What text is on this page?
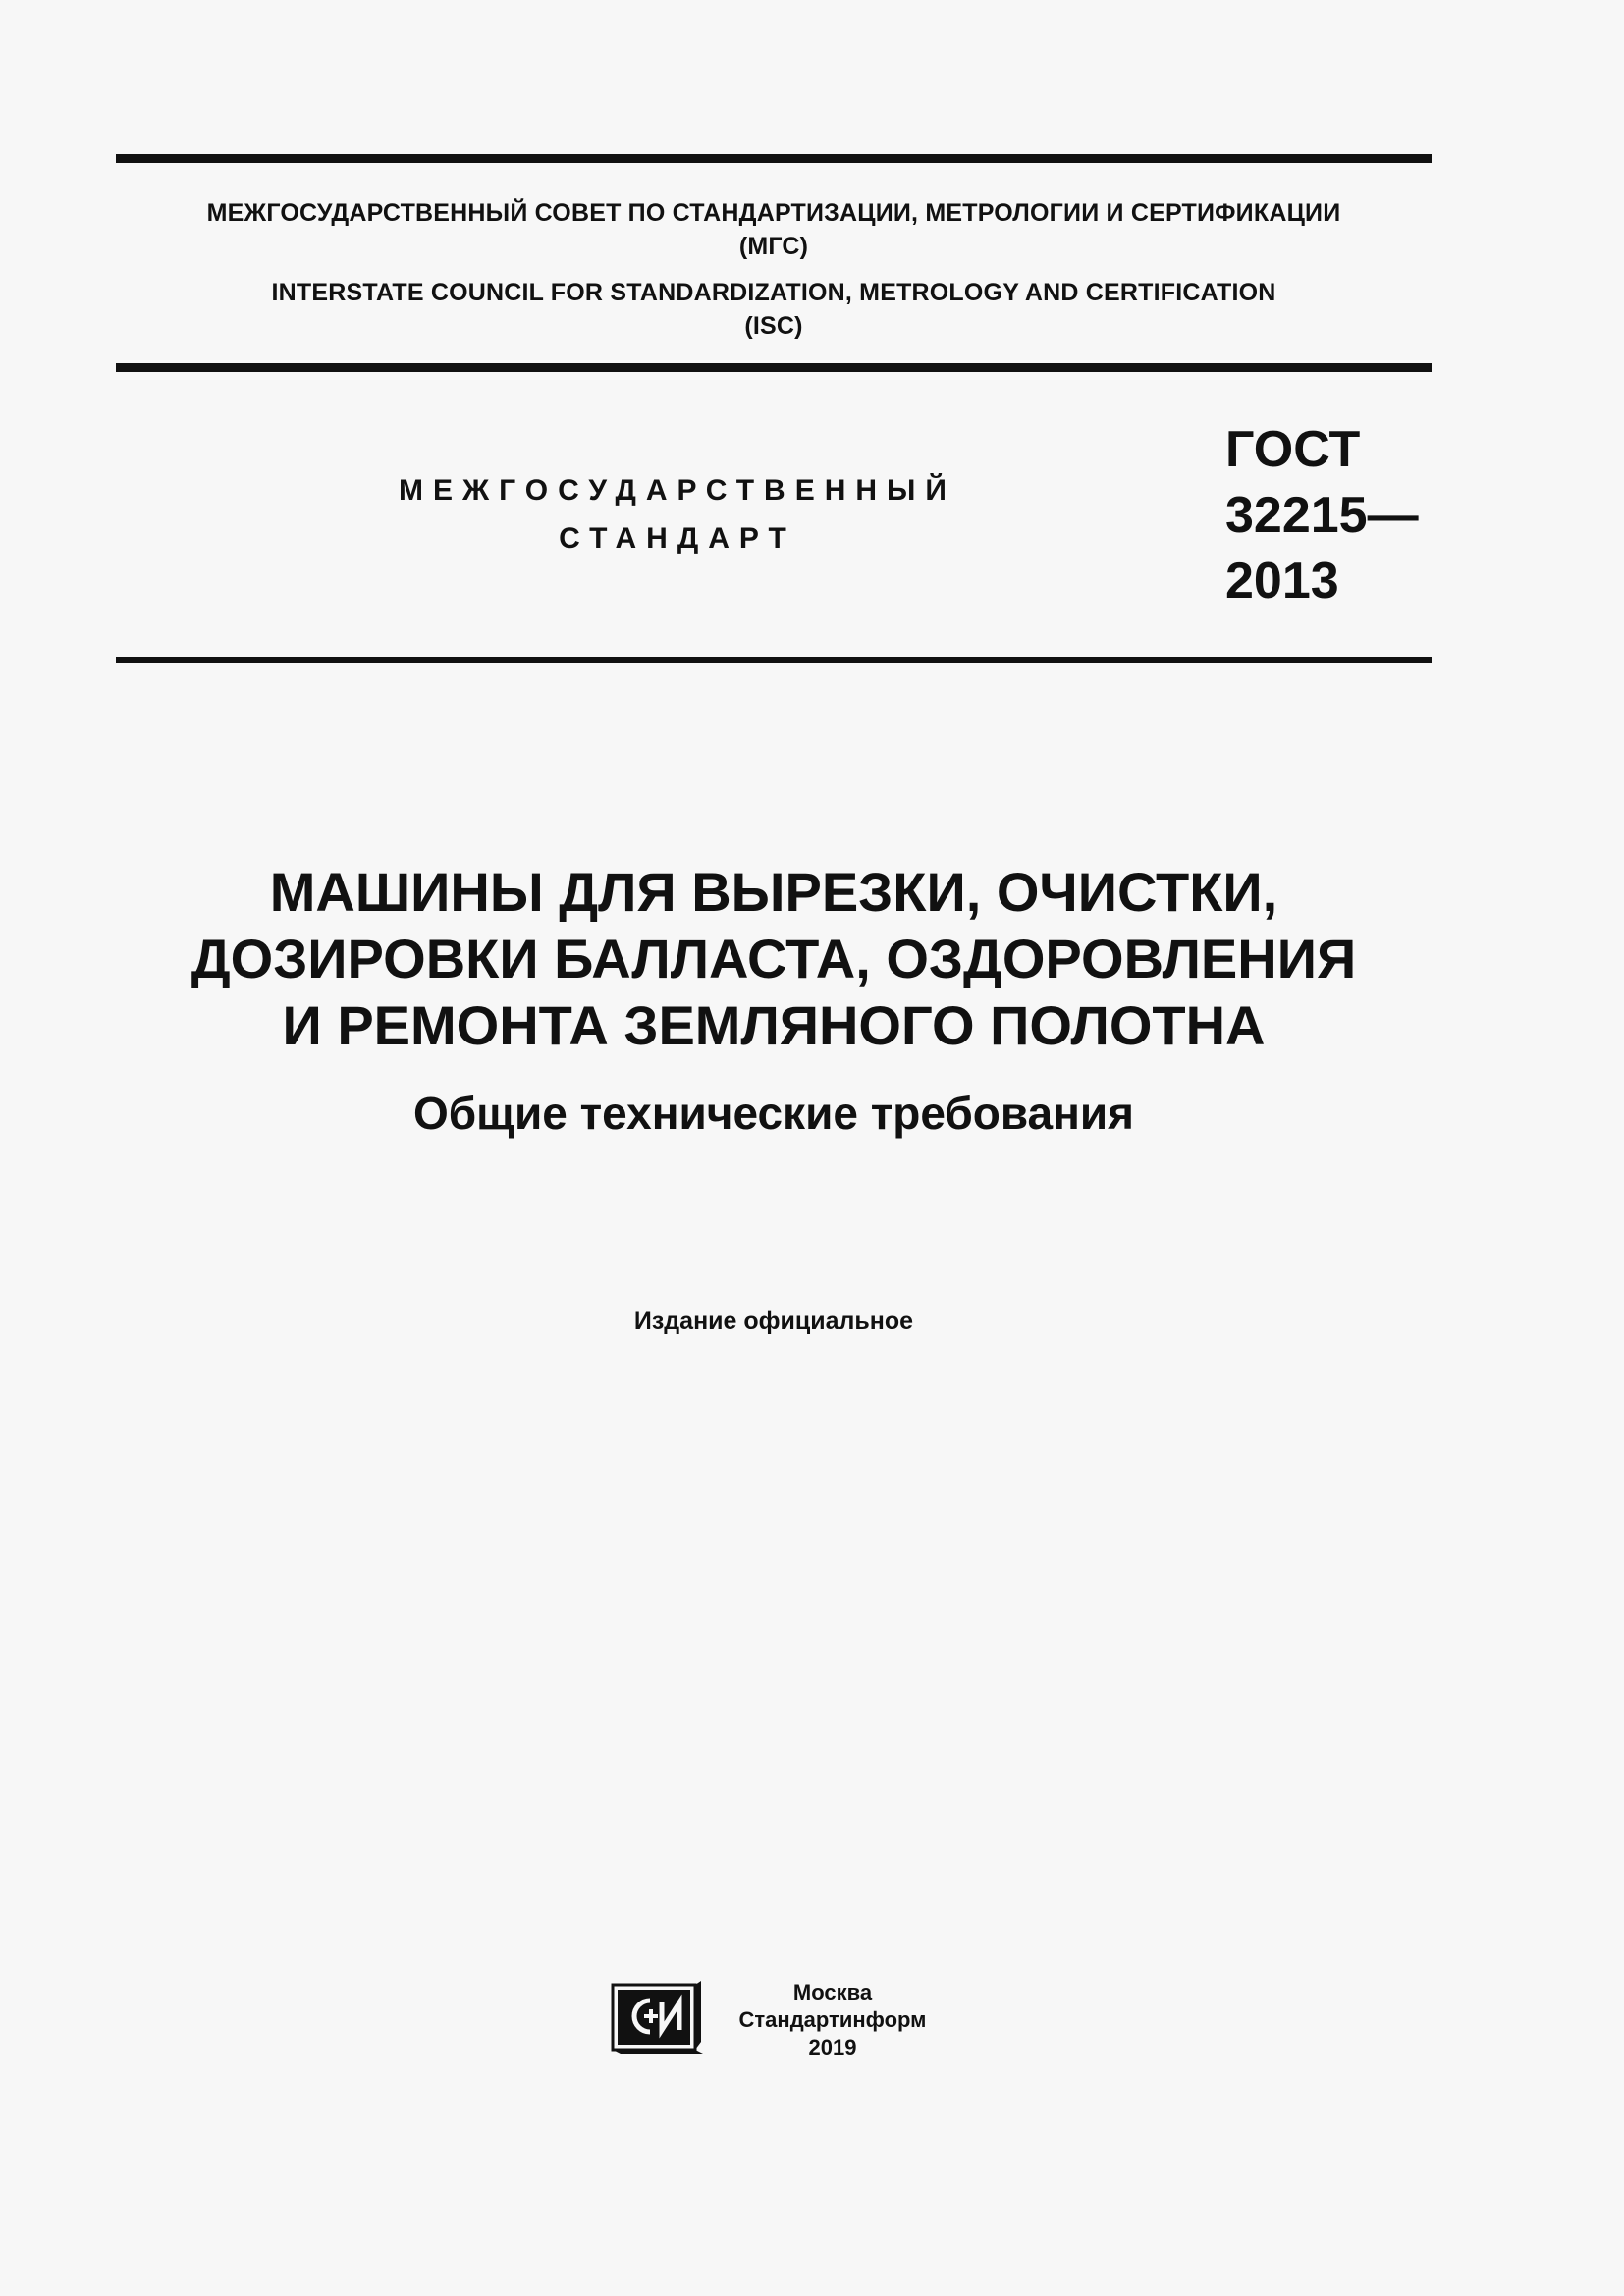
МЕЖГОСУДАРСТВЕННЫЙ СОВЕТ ПО СТАНДАРТИЗАЦИИ, МЕТРОЛОГИИ И СЕРТИФИКАЦИИ
(МГС)
INTERSTATE COUNCIL FOR STANDARDIZATION, METROLOGY AND CERTIFICATION
(ISC)
МЕЖГОСУДАРСТВЕННЫЙ
СТАНДАРТ
ГОСТ
32215—
2013
МАШИНЫ ДЛЯ ВЫРЕЗКИ, ОЧИСТКИ,
ДОЗИРОВКИ БАЛЛАСТА, ОЗДОРОВЛЕНИЯ
И РЕМОНТА ЗЕМЛЯНОГО ПОЛОТНА
Общие технические требования
Издание официальное
Москва
Стандартинформ
2019
